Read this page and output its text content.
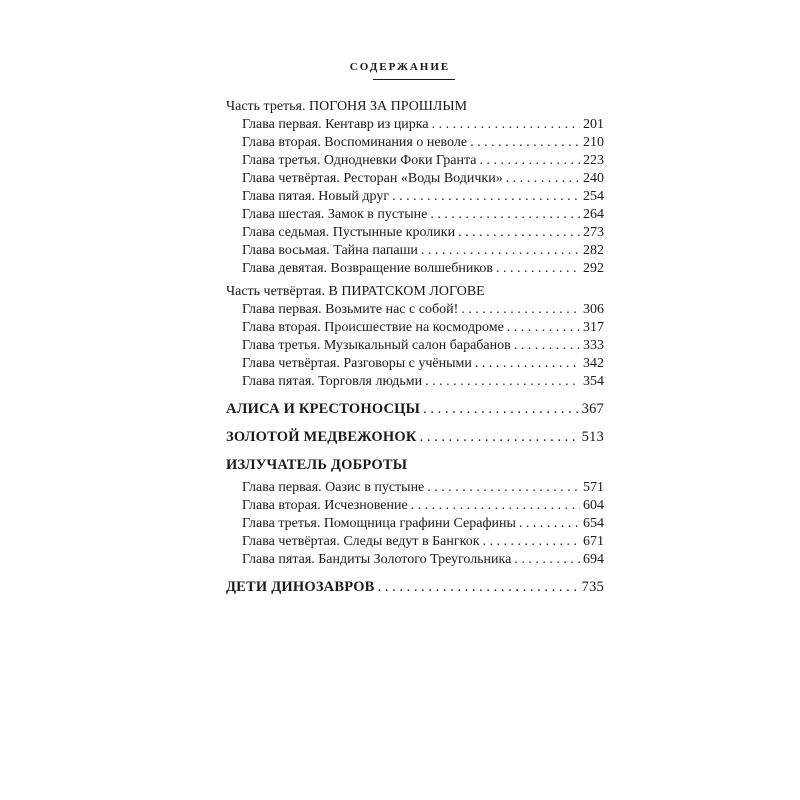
СОДЕРЖАНИЕ
Часть третья. ПОГОНЯ ЗА ПРОШЛЫМ
Глава первая. Кентавр из цирка . . .	201
Глава вторая. Воспоминания о неволе . . .	210
Глава третья. Однодневки Фоки Гранта . . .	223
Глава четвёртая. Ресторан «Воды Водички» . . .	240
Глава пятая. Новый друг . . .	254
Глава шестая. Замок в пустыне . . .	264
Глава седьмая. Пустынные кролики . . .	273
Глава восьмая. Тайна папаши . . .	282
Глава девятая. Возвращение волшебников . . .	292
Часть четвёртая. В ПИРАТСКОМ ЛОГОВЕ
Глава первая. Возьмите нас с собой! . . .	306
Глава вторая. Происшествие на космодроме . . .	317
Глава третья. Музыкальный салон барабанов . . .	333
Глава четвёртая. Разговоры с учёными . . .	342
Глава пятая. Торговля людьми . . .	354
АЛИСА И КРЕСТОНОСЦЫ . . .	367
ЗОЛОТОЙ МЕДВЕЖОНОК . . .	513
ИЗЛУЧАТЕЛЬ ДОБРОТЫ
Глава первая. Оазис в пустыне . . .	571
Глава вторая. Исчезновение . . .	604
Глава третья. Помощница графини Серафины . . .	654
Глава четвёртая. Следы ведут в Бангкок . . .	671
Глава пятая. Бандиты Золотого Треугольника . . .	694
ДЕТИ ДИНОЗАВРОВ . . .	735
